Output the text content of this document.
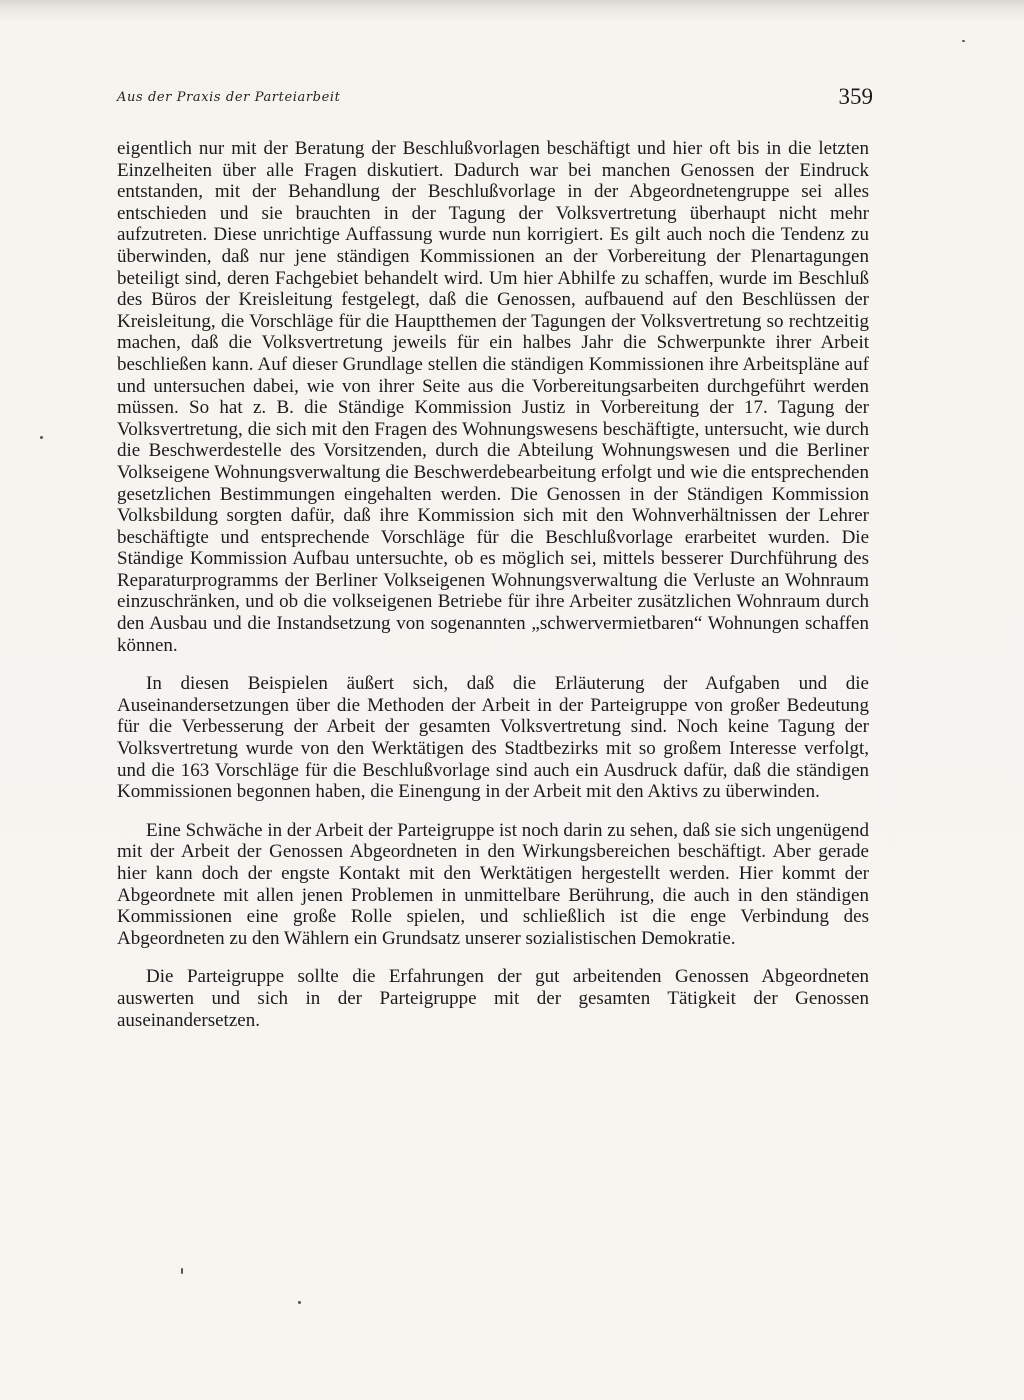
Aus der Praxis der Parteiarbeit	359

eigentlich nur mit der Beratung der Beschlußvorlagen beschäftigt und hier oft bis in die letzten Einzelheiten über alle Fragen diskutiert. Dadurch war bei manchen Genossen der Eindruck entstanden, mit der Behandlung der Beschlußvorlage in der Abgeordnetengruppe sei alles entschieden und sie brauchten in der Tagung der Volksvertretung überhaupt nicht mehr aufzutreten. Diese unrichtige Auffassung wurde nun korrigiert. Es gilt auch noch die Tendenz zu überwinden, daß nur jene ständigen Kommissionen an der Vorbereitung der Plenartagungen beteiligt sind, deren Fachgebiet behandelt wird. Um hier Abhilfe zu schaffen, wurde im Beschluß des Büros der Kreisleitung festgelegt, daß die Genossen, aufbauend auf den Beschlüssen der Kreisleitung, die Vorschläge für die Hauptthemen der Tagungen der Volksvertretung so rechtzeitig machen, daß die Volksvertretung jeweils für ein halbes Jahr die Schwerpunkte ihrer Arbeit beschließen kann. Auf dieser Grundlage stellen die ständigen Kommissionen ihre Arbeitspläne auf und untersuchen dabei, wie von ihrer Seite aus die Vorbereitungsarbeiten durchgeführt werden müssen. So hat z. B. die Ständige Kommission Justiz in Vorbereitung der 17. Tagung der Volksvertretung, die sich mit den Fragen des Wohnungswesens beschäftigte, untersucht, wie durch die Beschwerdestelle des Vorsitzenden, durch die Abteilung Wohnungswesen und die Berliner Volkseigene Wohnungsverwaltung die Beschwerdebearbeitung erfolgt und wie die entsprechenden gesetzlichen Bestimmungen eingehalten werden. Die Genossen in der Ständigen Kommission Volksbildung sorgten dafür, daß ihre Kommission sich mit den Wohnverhältnissen der Lehrer beschäftigte und entsprechende Vorschläge für die Beschlußvorlage erarbeitet wurden. Die Ständige Kommission Aufbau untersuchte, ob es möglich sei, mittels besserer Durchführung des Reparaturprogramms der Berliner Volkseigenen Wohnungsverwaltung die Verluste an Wohnraum einzuschränken, und ob die volkseigenen Betriebe für ihre Arbeiter zusätzlichen Wohnraum durch den Ausbau und die Instandsetzung von sogenannten „schwervermietbaren“ Wohnungen schaffen können.

In diesen Beispielen äußert sich, daß die Erläuterung der Aufgaben und die Auseinandersetzungen über die Methoden der Arbeit in der Parteigruppe von großer Bedeutung für die Verbesserung der Arbeit der gesamten Volksvertretung sind. Noch keine Tagung der Volksvertretung wurde von den Werktätigen des Stadtbezirks mit so großem Interesse verfolgt, und die 163 Vorschläge für die Beschlußvorlage sind auch ein Ausdruck dafür, daß die ständigen Kommissionen begonnen haben, die Einengung in der Arbeit mit den Aktivs zu überwinden.

Eine Schwäche in der Arbeit der Parteigruppe ist noch darin zu sehen, daß sie sich ungenügend mit der Arbeit der Genossen Abgeordneten in den Wirkungsbereichen beschäftigt. Aber gerade hier kann doch der engste Kontakt mit den Werktätigen hergestellt werden. Hier kommt der Abgeordnete mit allen jenen Problemen in unmittelbare Berührung, die auch in den ständigen Kommissionen eine große Rolle spielen, und schließlich ist die enge Verbindung des Abgeordneten zu den Wählern ein Grundsatz unserer sozialistischen Demokratie.

Die Parteigruppe sollte die Erfahrungen der gut arbeitenden Genossen Abgeordneten auswerten und sich in der Parteigruppe mit der gesamten Tätigkeit der Genossen auseinandersetzen.
